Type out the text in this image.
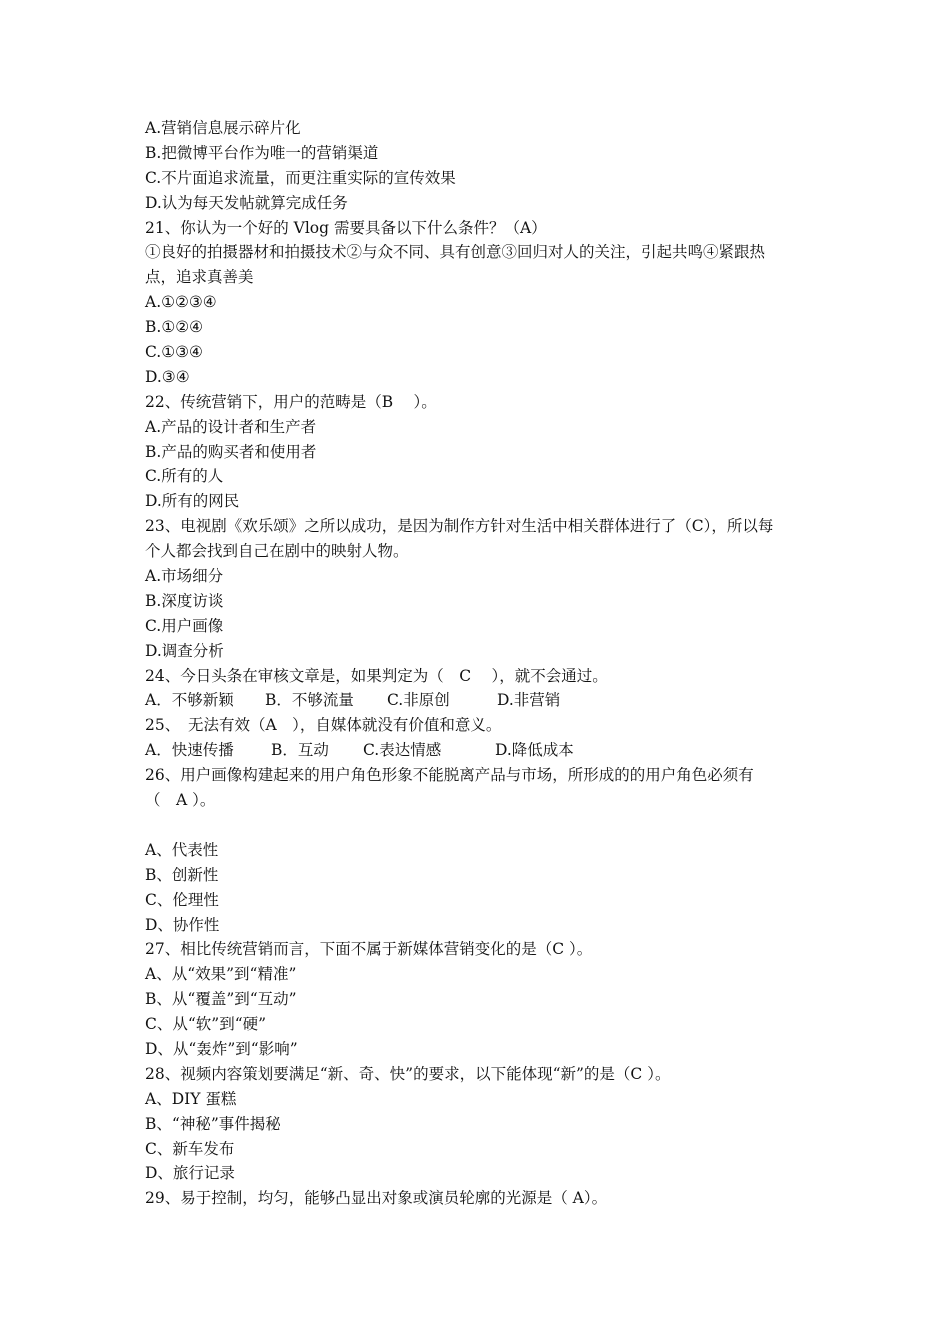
A.营销信息展示碎片化
B.把微博平台作为唯一的营销渠道
C.不片面追求流量，而更注重实际的宣传效果
D.认为每天发帖就算完成任务
21、你认为一个好的 Vlog 需要具备以下什么条件？（A）
①良好的拍摄器材和拍摄技术②与众不同、具有创意③回归对人的关注，引起共鸣④紧跟热
点，追求真善美
A.①②③④
B.①②④
C.①③④
D.③④
22、传统营销下，用户的范畴是（B　 ）。
A.产品的设计者和生产者
B.产品的购买者和使用者
C.所有的人
D.所有的网民
23、电视剧《欢乐颂》之所以成功，是因为制作方针对生活中相关群体进行了（C），所以每
个人都会找到自己在剧中的映射人物。
A.市场细分
B.深度访谈
C.用户画像
D.调查分析
24、今日头条在审核文章是，如果判定为（　C　 ），就不会通过。
A．不够新颖	B．不够流量	C.非原创	D.非营销
25、　无法有效（A　），自媒体就没有价值和意义。
A．快速传播	B．互动	C.表达情感	D.降低成本
26、用户画像构建起来的用户角色形象不能脱离产品与市场，所形成的的用户角色必须有
（　A ）。
A、代表性
B、创新性
C、伦理性
D、协作性
27、相比传统营销而言，下面不属于新媒体营销变化的是（C ）。
A、从“效果”到“精准”
B、从“覆盖”到“互动”
C、从“软”到“硬”
D、从“轰炸”到“影响”
28、视频内容策划要满足“新、奇、快”的要求，以下能体现“新”的是（C ）。
A、DIY 蛋糕
B、“神秘”事件揭秘
C、新车发布
D、旅行记录
29、易于控制，均匀，能够凸显出对象或演员轮廓的光源是（ A）。
